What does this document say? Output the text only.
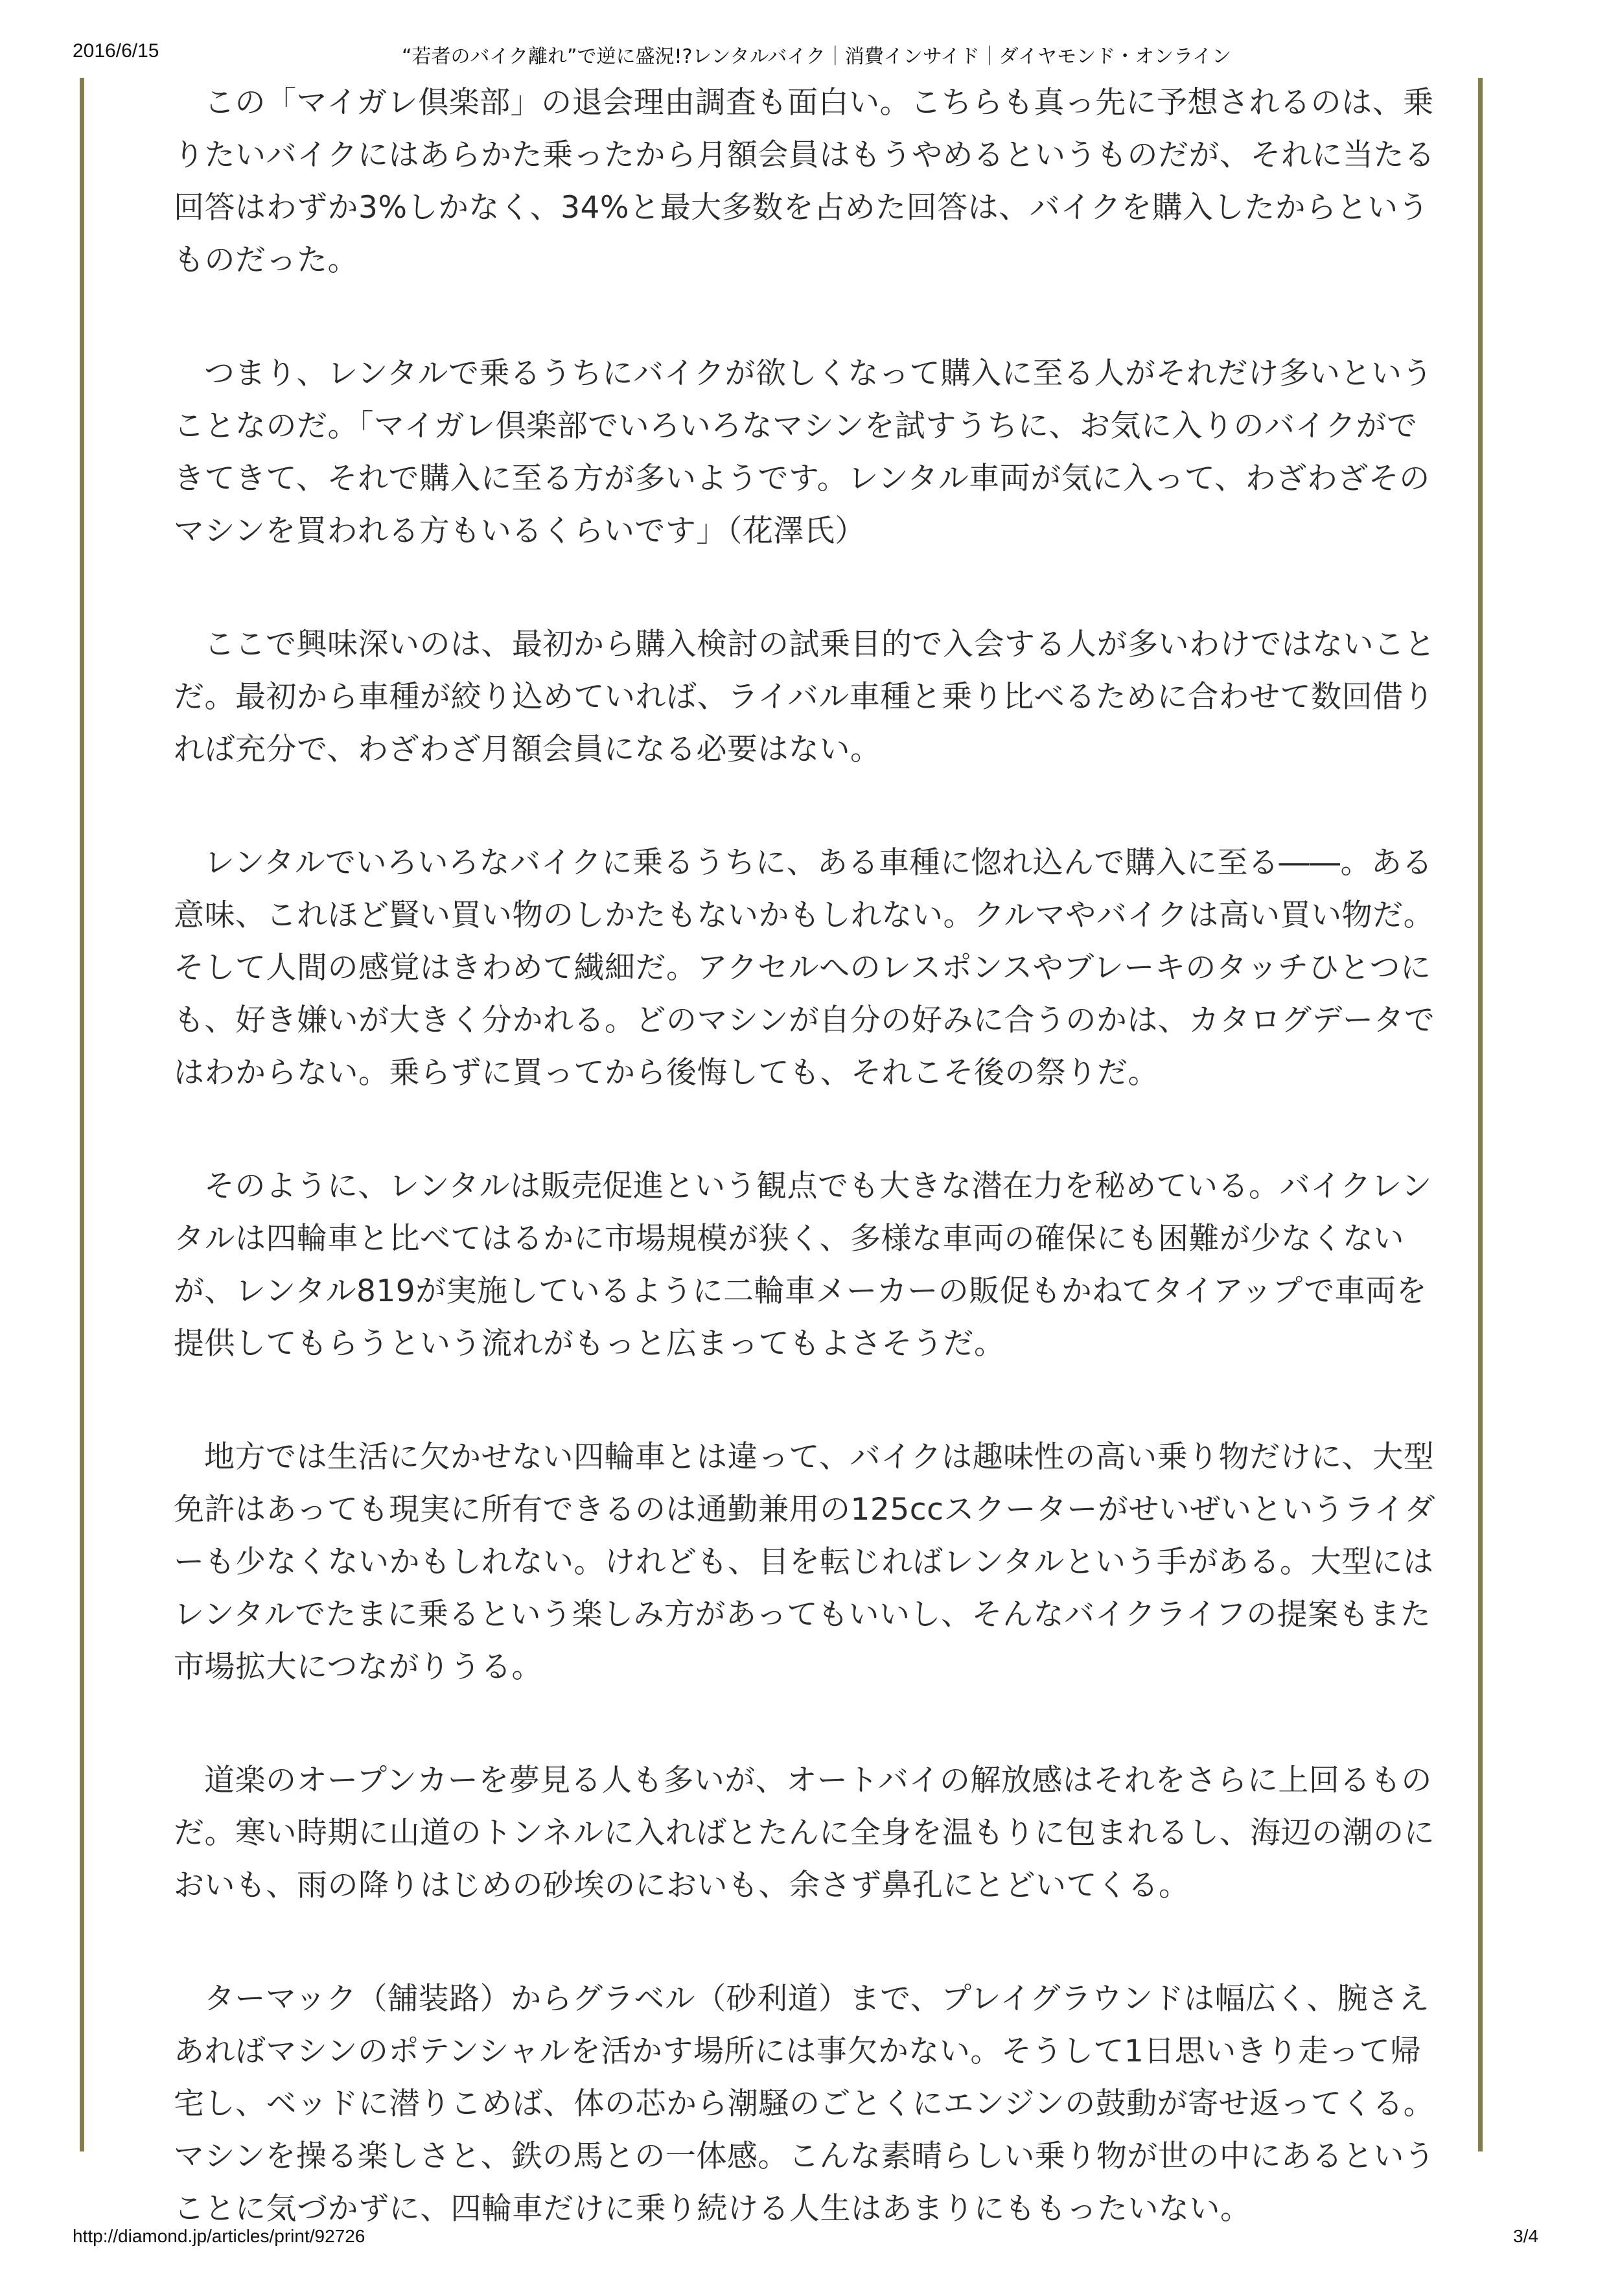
2016/6/15	“若者のバイク離れ”で逆に盛況!?レンタルバイク｜消費インサイド｜ダイヤモンド・オンライン

この「マイガレ倶楽部」の退会理由調査も面白い。こちらも真っ先に予想されるのは、乗りたいバイクにはあらかた乗ったから月額会員はもうやめるというものだが、それに当たる回答はわずか3%しかなく、34%と最大多数を占めた回答は、バイクを購入したからというものだった。

つまり、レンタルで乗るうちにバイクが欲しくなって購入に至る人がそれだけ多いということなのだ。「マイガレ倶楽部でいろいろなマシンを試すうちに、お気に入りのバイクができてきて、それで購入に至る方が多いようです。レンタル車両が気に入って、わざわざそのマシンを買われる方もいるくらいです」（花澤氏）

ここで興味深いのは、最初から購入検討の試乗目的で入会する人が多いわけではないことだ。最初から車種が絞り込めていれば、ライバル車種と乗り比べるために合わせて数回借りれば充分で、わざわざ月額会員になる必要はない。

レンタルでいろいろなバイクに乗るうちに、ある車種に惚れ込んで購入に至る――。ある意味、これほど賢い買い物のしかたもないかもしれない。クルマやバイクは高い買い物だ。そして人間の感覚はきわめて繊細だ。アクセルへのレスポンスやブレーキのタッチひとつにも、好き嫌いが大きく分かれる。どのマシンが自分の好みに合うのかは、カタログデータではわからない。乗らずに買ってから後悔しても、それこそ後の祭りだ。

そのように、レンタルは販売促進という観点でも大きな潜在力を秘めている。バイクレンタルは四輪車と比べてはるかに市場規模が狭く、多様な車両の確保にも困難が少なくないが、レンタル819が実施しているように二輪車メーカーの販促もかねてタイアップで車両を提供してもらうという流れがもっと広まってもよさそうだ。

地方では生活に欠かせない四輪車とは違って、バイクは趣味性の高い乗り物だけに、大型免許はあっても現実に所有できるのは通勤兼用の125ccスクーターがせいぜいというライダーも少なくないかもしれない。けれども、目を転じればレンタルという手がある。大型にはレンタルでたまに乗るという楽しみ方があってもいいし、そんなバイクライフの提案もまた市場拡大につながりうる。

道楽のオープンカーを夢見る人も多いが、オートバイの解放感はそれをさらに上回るものだ。寒い時期に山道のトンネルに入ればとたんに全身を温もりに包まれるし、海辺の潮のにおいも、雨の降りはじめの砂埃のにおいも、余さず鼻孔にとどいてくる。

ターマック（舗装路）からグラベル（砂利道）まで、プレイグラウンドは幅広く、腕さえあればマシンのポテンシャルを活かす場所には事欠かない。そうして1日思いきり走って帰宅し、ベッドに潜りこめば、体の芯から潮騒のごとくにエンジンの鼓動が寄せ返ってくる。マシンを操る楽しさと、鉄の馬との一体感。こんな素晴らしい乗り物が世の中にあるということに気づかずに、四輪車だけに乗り続ける人生はあまりにももったいない。

http://diamond.jp/articles/print/92726	3/4
